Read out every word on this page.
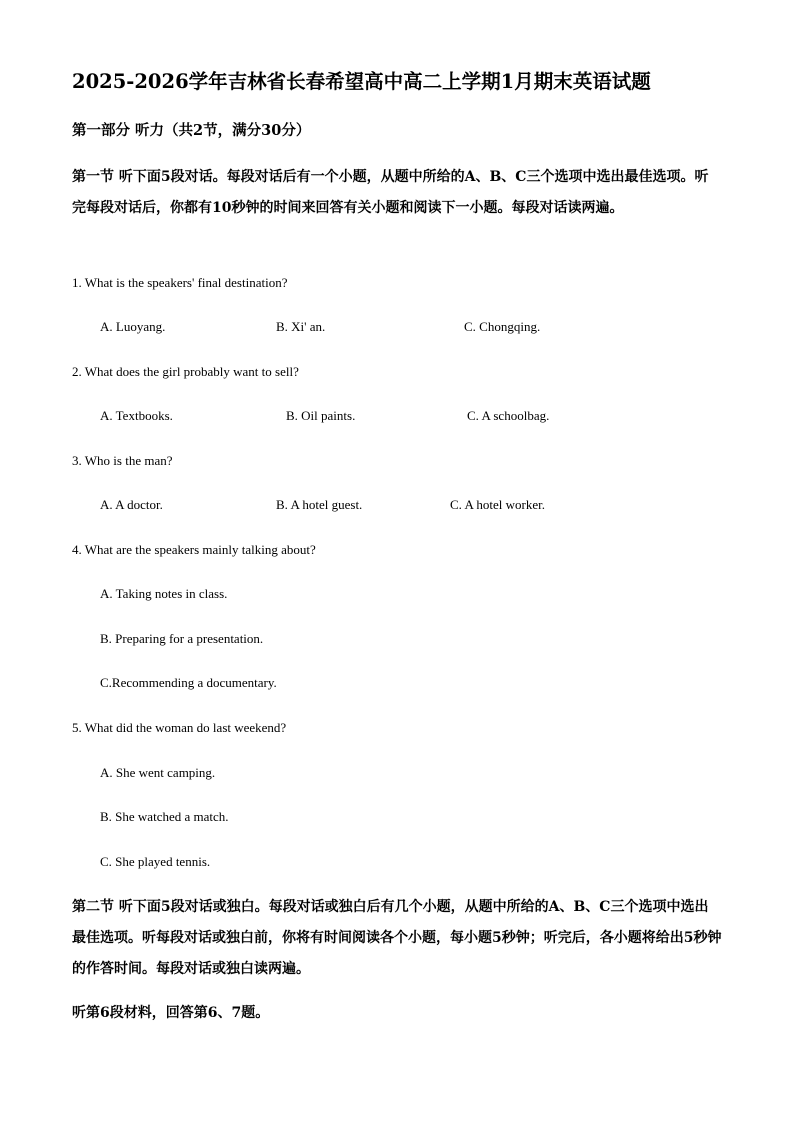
2025-2026学年吉林省长春希望高中高二上学期1月期末英语试题
第一部分 听力（共2节，满分30分）
第一节 听下面5段对话。每段对话后有一个小题，从题中所给的A、B、C三个选项中选出最佳选项。听完每段对话后，你都有10秒钟的时间来回答有关小题和阅读下一小题。每段对话读两遍。
1. What is the speakers' final destination?
A. Luoyang.	B. Xi' an.	C. Chongqing.
2. What does the girl probably want to sell?
A. Textbooks.	B. Oil paints.	C. A schoolbag.
3. Who is the man?
A. A doctor.	B. A hotel guest.	C. A hotel worker.
4. What are the speakers mainly talking about?
A. Taking notes in class.
B. Preparing for a presentation.
C.Recommending a documentary.
5. What did the woman do last weekend?
A. She went camping.
B. She watched a match.
C. She played tennis.
第二节 听下面5段对话或独白。每段对话或独白后有几个小题，从题中所给的A、B、C三个选项中选出最佳选项。听每段对话或独白前，你将有时间阅读各个小题，每小题5秒钟；听完后，各小题将给出5秒钟的作答时间。每段对话或独白读两遍。
听第6段材料，回答第6、7题。
